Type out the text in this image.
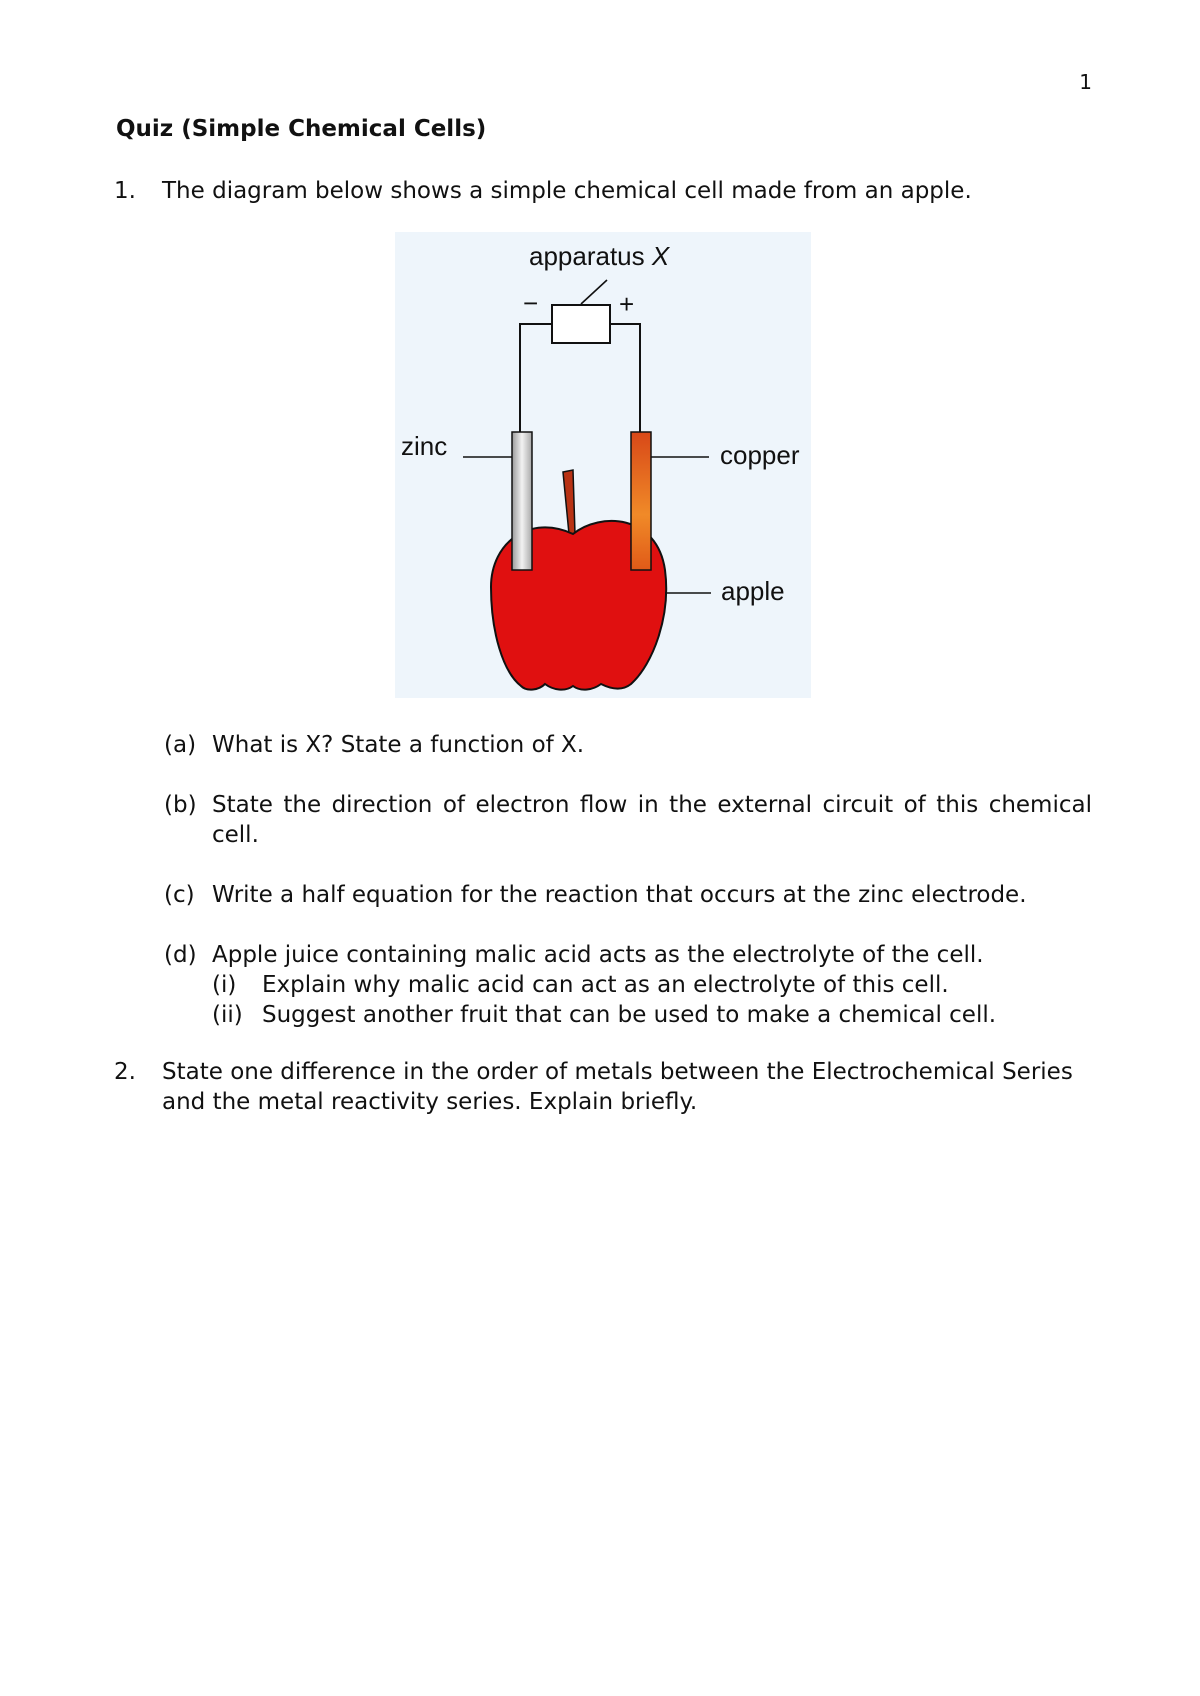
1
Quiz (Simple Chemical Cells)
1. The diagram below shows a simple chemical cell made from an apple.
apparatus X
−	+
zinc	copper
apple
(a) What is X? State a function of X.
(b) State the direction of electron flow in the external circuit of this chemical cell.
(c) Write a half equation for the reaction that occurs at the zinc electrode.
(d) Apple juice containing malic acid acts as the electrolyte of the cell.
(i) Explain why malic acid can act as an electrolyte of this cell.
(ii) Suggest another fruit that can be used to make a chemical cell.
2. State one difference in the order of metals between the Electrochemical Series and the metal reactivity series. Explain briefly.
